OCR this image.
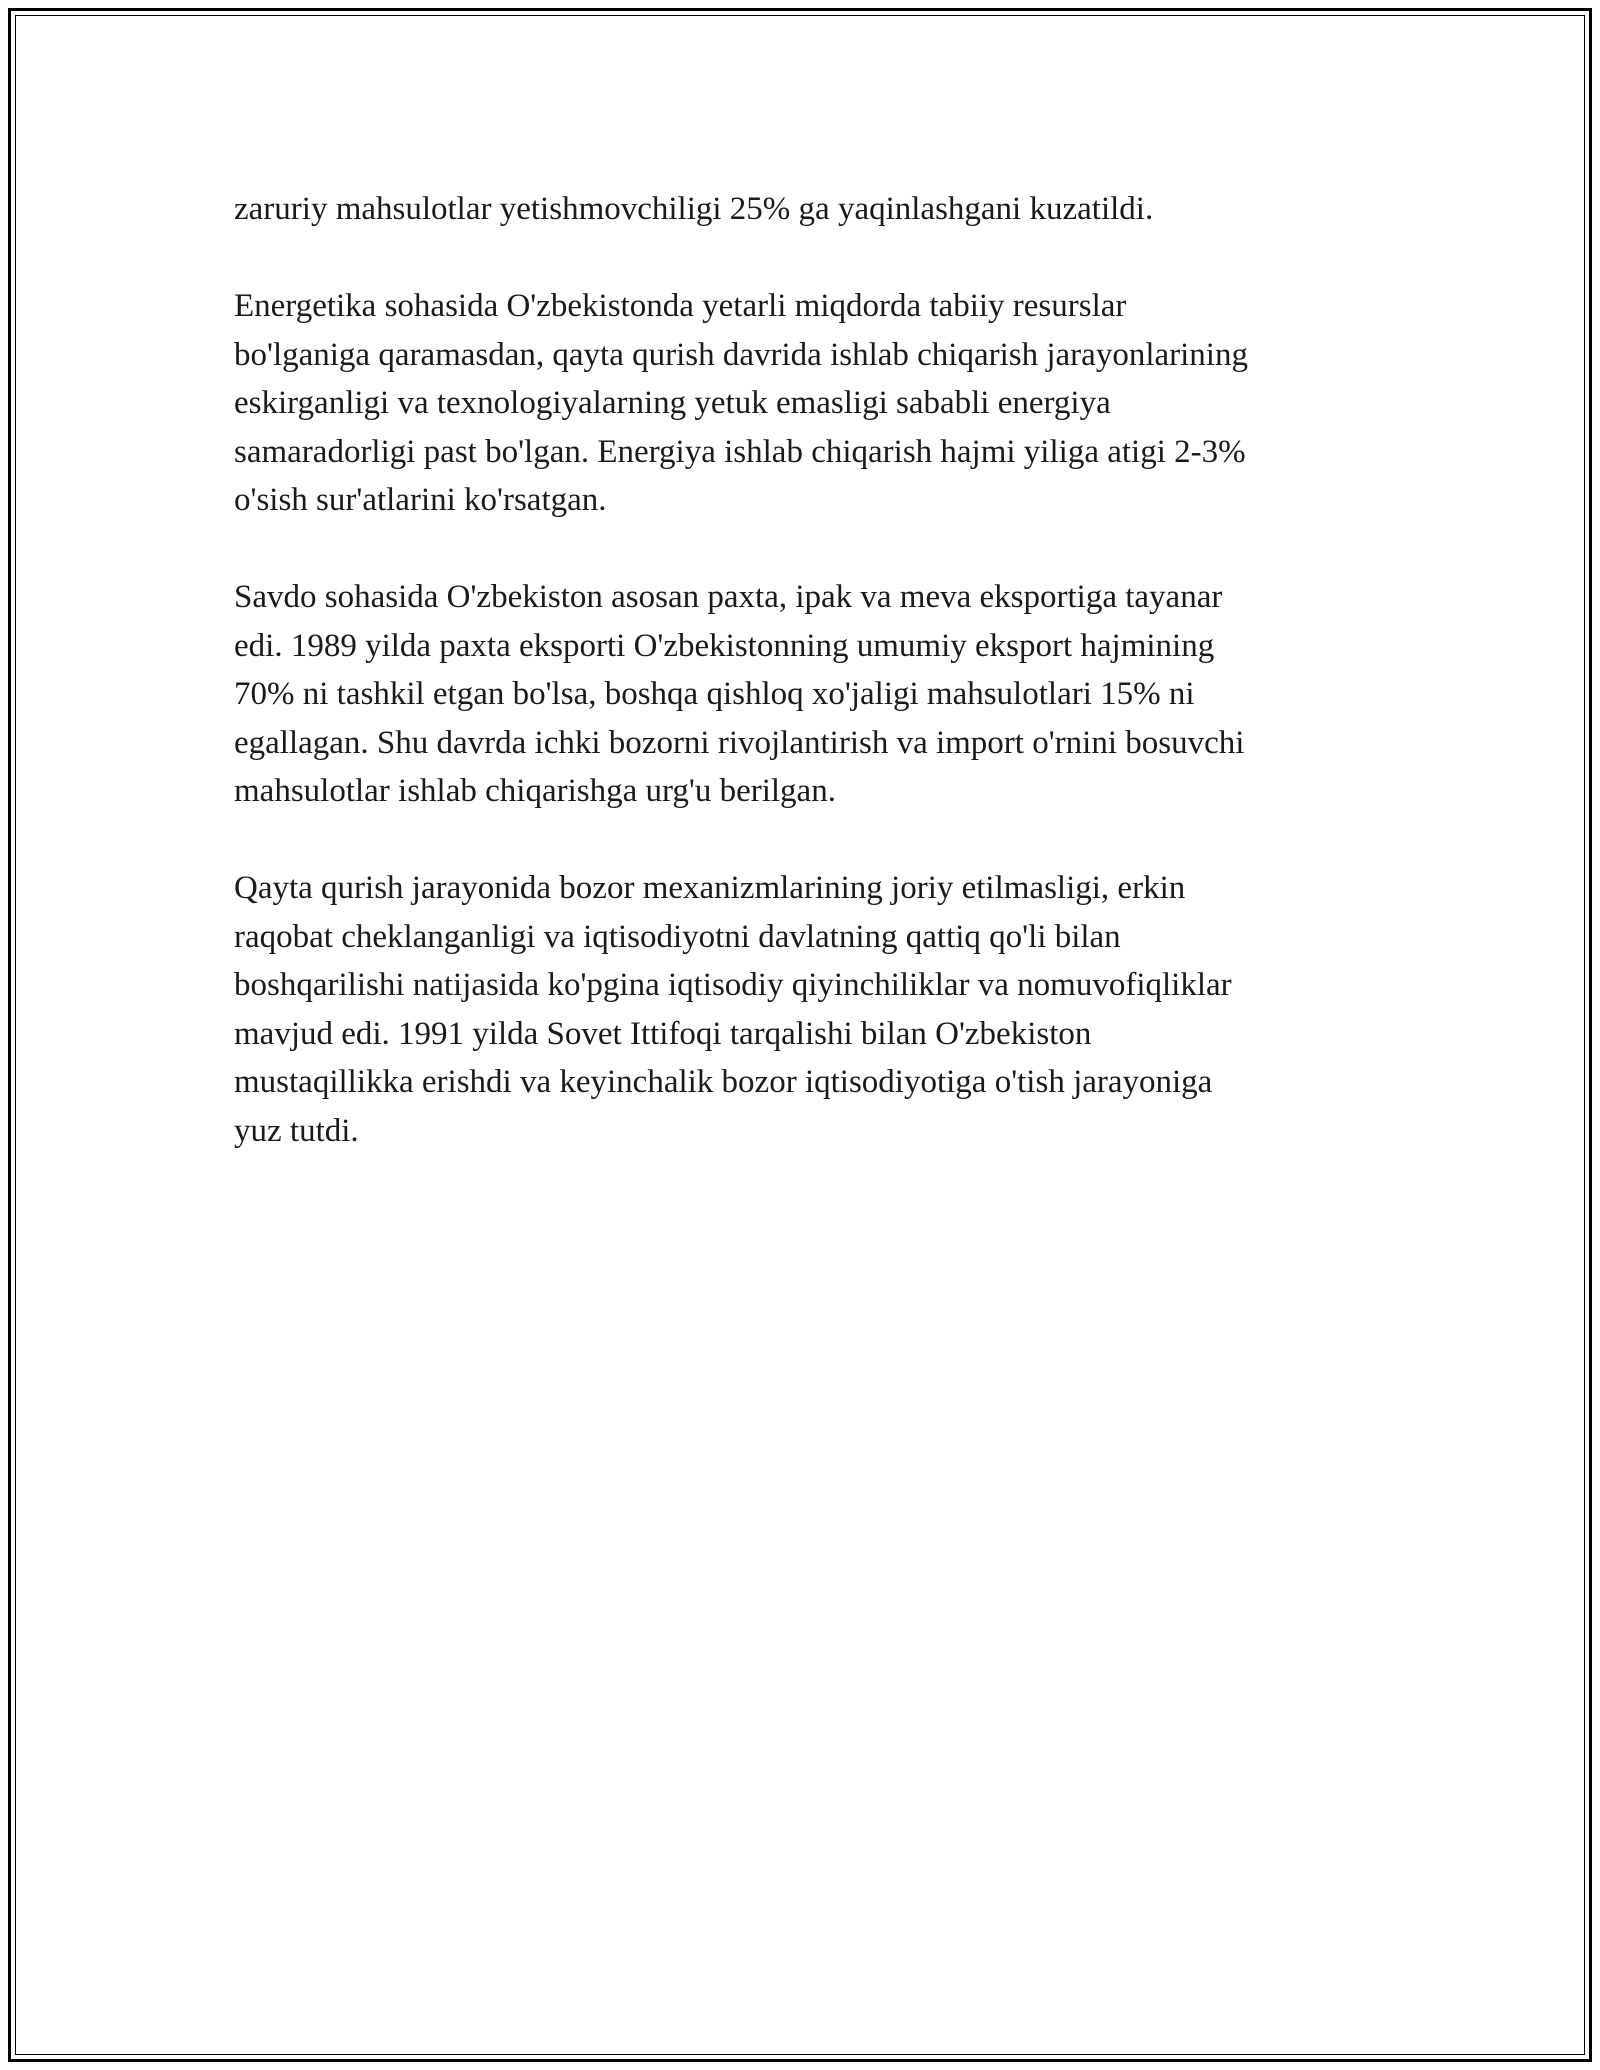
zaruriy mahsulotlar yetishmovchiligi 25% ga yaqinlashgani kuzatildi.

Energetika sohasida O'zbekistonda yetarli miqdorda tabiiy resurslar
bo'lganiga qaramasdan, qayta qurish davrida ishlab chiqarish jarayonlarining
eskirganligi va texnologiyalarning yetuk emasligi sababli energiya
samaradorligi past bo'lgan. Energiya ishlab chiqarish hajmi yiliga atigi 2-3%
o'sish sur'atlarini ko'rsatgan.

Savdo sohasida O'zbekiston asosan paxta, ipak va meva eksportiga tayanar
edi. 1989 yilda paxta eksporti O'zbekistonning umumiy eksport hajmining
70% ni tashkil etgan bo'lsa, boshqa qishloq xo'jaligi mahsulotlari 15% ni
egallagan. Shu davrda ichki bozorni rivojlantirish va import o'rnini bosuvchi
mahsulotlar ishlab chiqarishga urg'u berilgan.

Qayta qurish jarayonida bozor mexanizmlarining joriy etilmasligi, erkin
raqobat cheklanganligi va iqtisodiyotni davlatning qattiq qo'li bilan
boshqarilishi natijasida ko'pgina iqtisodiy qiyinchiliklar va nomuvofiqliklar
mavjud edi. 1991 yilda Sovet Ittifoqi tarqalishi bilan O'zbekiston
mustaqillikka erishdi va keyinchalik bozor iqtisodiyotiga o'tish jarayoniga
yuz tutdi.
